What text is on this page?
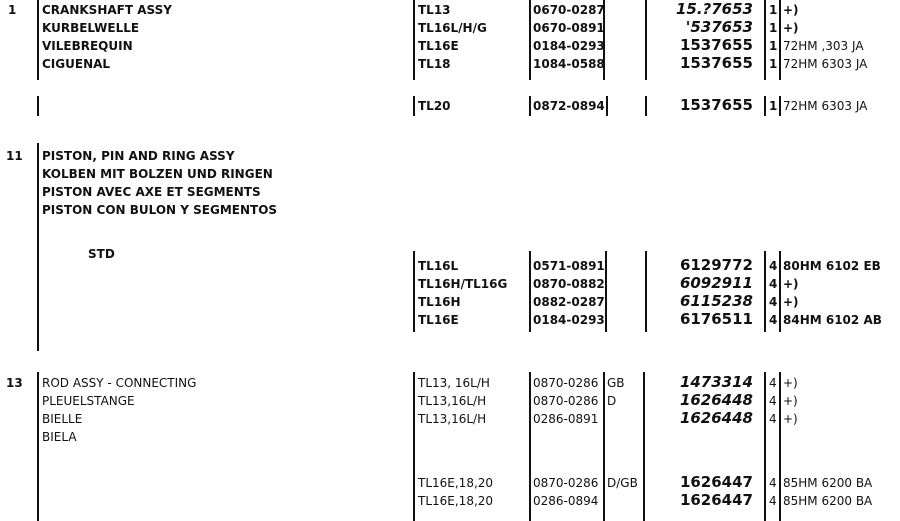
1 CRANKSHAFT ASSY
KURBELWELLE
VILEBREQUIN
CIGUENAL
TL13	0670-0287	15.?7653 1 +)
TL16L/H/G	0670-0891	'537653 1 +)
TL16E	0184-0293	1537655 1 72HM ,303 JA
TL18	1084-0588	1537655 1 72HM 6303 JA
TL20	0872-0894	1537655 1 72HM 6303 JA
11 PISTON, PIN AND RING ASSY
KOLBEN MIT BOLZEN UND RINGEN
PISTON AVEC AXE ET SEGMENTS
PISTON CON BULON Y SEGMENTOS
STD
TL16L	0571-0891	6129772 4 80HM 6102 EB
TL16H/TL16G 0870-0882	6092911 4 +)
TL16H	0882-0287	6115238 4 +)
TL16E	0184-0293	6176511 4 84HM 6102 AB
13 ROD ASSY - CONNECTING
PLEUELSTANGE
BIELLE
BIELA
TL13, 16L/H	0870-0286 GB	1473314 4 +)
TL13,16L/H	0870-0286 D	1626448 4 +)
TL13,16L/H	0286-0891	1626448 4 +)
TL16E,18,20	0870-0286 D/GB	1626447 4 85HM 6200 BA
TL16E,18,20	0286-0894	1626447 4 85HM 6200 BA
